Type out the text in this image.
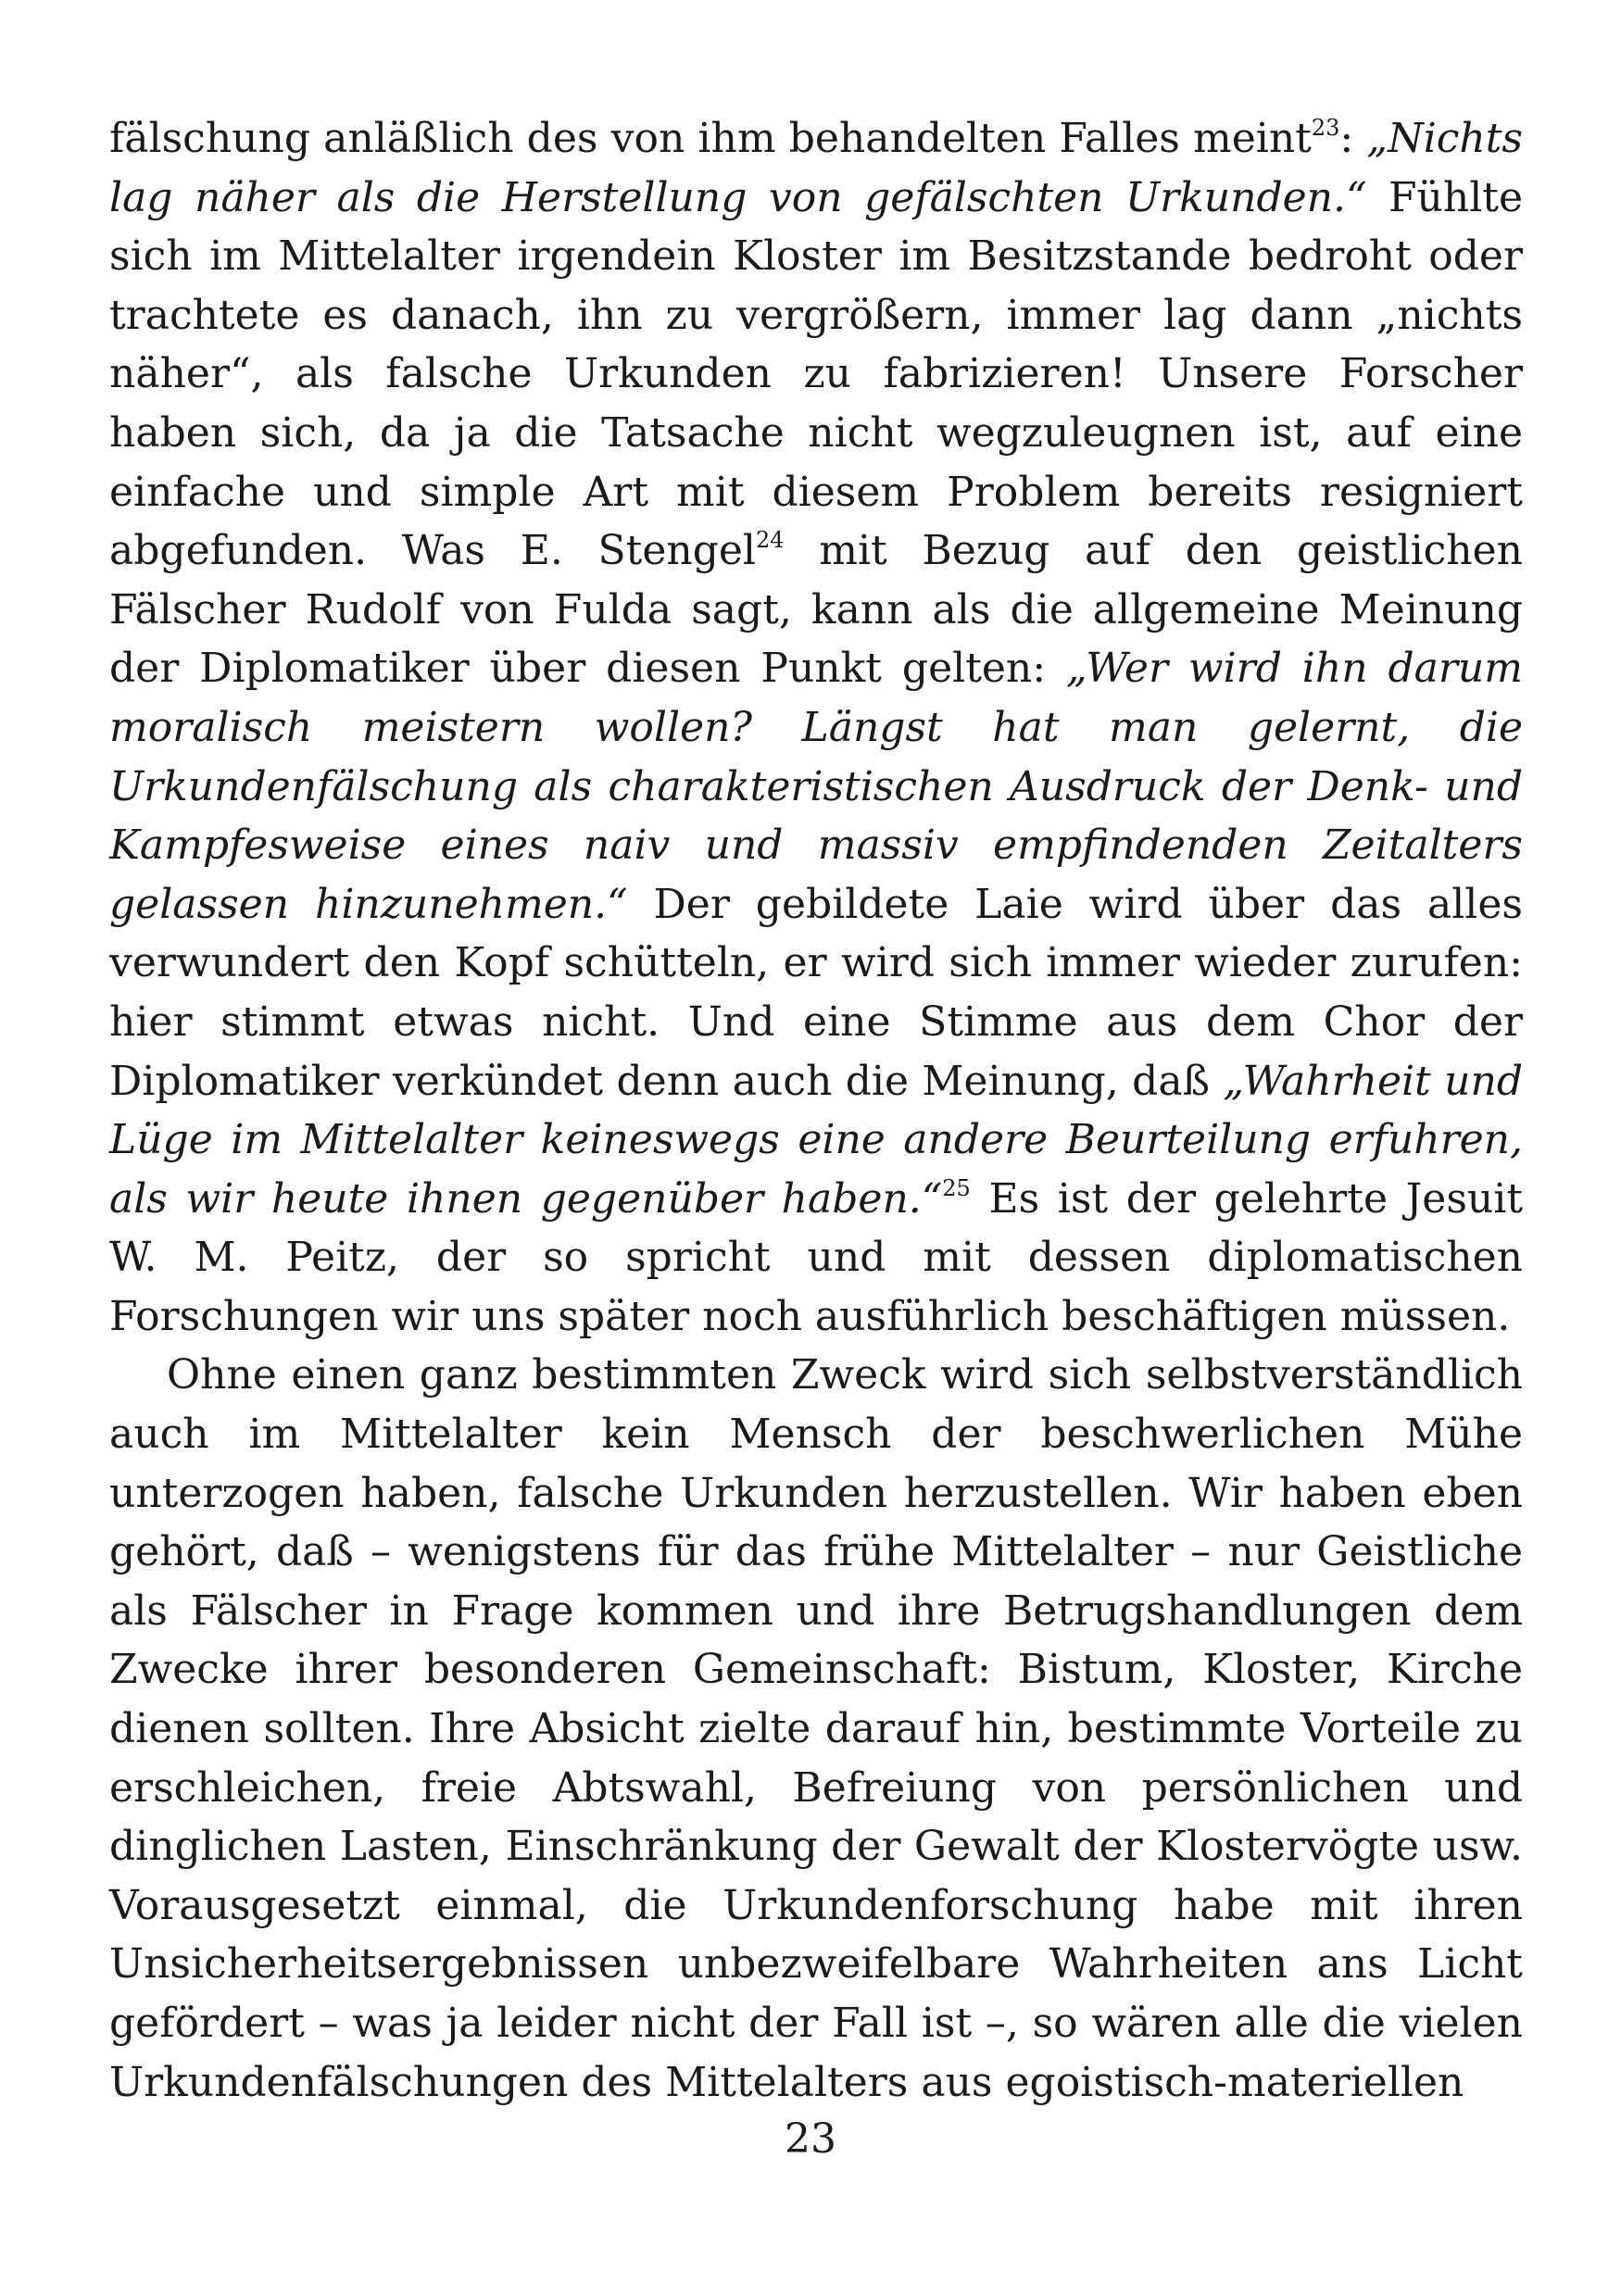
fälschung anläßlich des von ihm behandelten Falles meint$^{23}$: „Nichts lag näher als die Herstellung von gefälschten Urkunden.“ Fühlte sich im Mittelalter irgendein Kloster im Besitzstande bedroht oder trachtete es danach, ihn zu vergrößern, immer lag dann „nichts näher“, als falsche Urkunden zu fabrizieren! Unsere Forscher haben sich, da ja die Tatsache nicht wegzuleugnen ist, auf eine einfache und simple Art mit diesem Problem bereits resigniert abgefunden. Was E. Stengel$^{24}$ mit Bezug auf den geistlichen Fälscher Rudolf von Fulda sagt, kann als die allgemeine Meinung der Diplomatiker über diesen Punkt gelten: „Wer wird ihn darum moralisch meistern wollen? Längst hat man gelernt, die Urkundenfälschung als charakteristischen Ausdruck der Denk- und Kampfesweise eines naiv und massiv empfindenden Zeitalters gelassen hinzunehmen.“ Der gebildete Laie wird über das alles verwundert den Kopf schütteln, er wird sich immer wieder zurufen: hier stimmt etwas nicht. Und eine Stimme aus dem Chor der Diplomatiker verkündet denn auch die Meinung, daß „Wahrheit und Lüge im Mittelalter keineswegs eine andere Beurteilung erfuhren, als wir heute ihnen gegenüber haben.“$^{25}$ Es ist der gelehrte Jesuit W. M. Peitz, der so spricht und mit dessen diplomatischen Forschungen wir uns später noch ausführlich beschäftigen müssen.

Ohne einen ganz bestimmten Zweck wird sich selbstverständlich auch im Mittelalter kein Mensch der beschwerlichen Mühe unterzogen haben, falsche Urkunden herzustellen. Wir haben eben gehört, daß – wenigstens für das frühe Mittelalter – nur Geistliche als Fälscher in Frage kommen und ihre Betrugshandlungen dem Zwecke ihrer besonderen Gemeinschaft: Bistum, Kloster, Kirche dienen sollten. Ihre Absicht zielte darauf hin, bestimmte Vorteile zu erschleichen, freie Abtswahl, Befreiung von persönlichen und dinglichen Lasten, Einschränkung der Gewalt der Klostervögte usw. Vorausgesetzt einmal, die Urkundenforschung habe mit ihren Unsicherheitsergebnissen unbezweifelbare Wahrheiten ans Licht gefördert – was ja leider nicht der Fall ist –, so wären alle die vielen Urkundenfälschungen des Mittelalters aus egoistisch-materiellen

23
